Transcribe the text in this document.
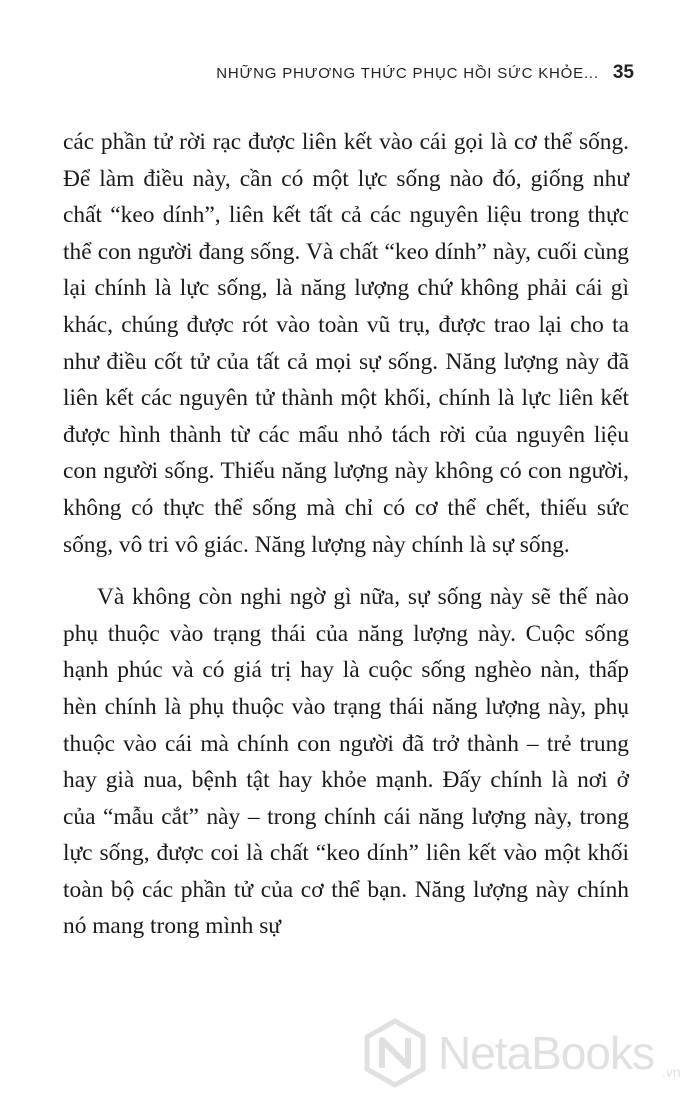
NHỮNG PHƯƠNG THỨC PHỤC HỒI SỨC KHỎE... 35

các phần tử rời rạc được liên kết vào cái gọi là cơ thể sống. Để làm điều này, cần có một lực sống nào đó, giống như chất “keo dính”, liên kết tất cả các nguyên liệu trong thực thể con người đang sống. Và chất “keo dính” này, cuối cùng lại chính là lực sống, là năng lượng chứ không phải cái gì khác, chúng được rót vào toàn vũ trụ, được trao lại cho ta như điều cốt tử của tất cả mọi sự sống. Năng lượng này đã liên kết các nguyên tử thành một khối, chính là lực liên kết được hình thành từ các mẩu nhỏ tách rời của nguyên liệu con người sống. Thiếu năng lượng này không có con người, không có thực thể sống mà chỉ có cơ thể chết, thiếu sức sống, vô tri vô giác. Năng lượng này chính là sự sống.

Và không còn nghi ngờ gì nữa, sự sống này sẽ thế nào phụ thuộc vào trạng thái của năng lượng này. Cuộc sống hạnh phúc và có giá trị hay là cuộc sống nghèo nàn, thấp hèn chính là phụ thuộc vào trạng thái năng lượng này, phụ thuộc vào cái mà chính con người đã trở thành – trẻ trung hay già nua, bệnh tật hay khỏe mạnh. Đấy chính là nơi ở của “mẫu cắt” này – trong chính cái năng lượng này, trong lực sống, được coi là chất “keo dính” liên kết vào một khối toàn bộ các phần tử của cơ thể bạn. Năng lượng này chính nó mang trong mình sự

NetaBooks .vn
